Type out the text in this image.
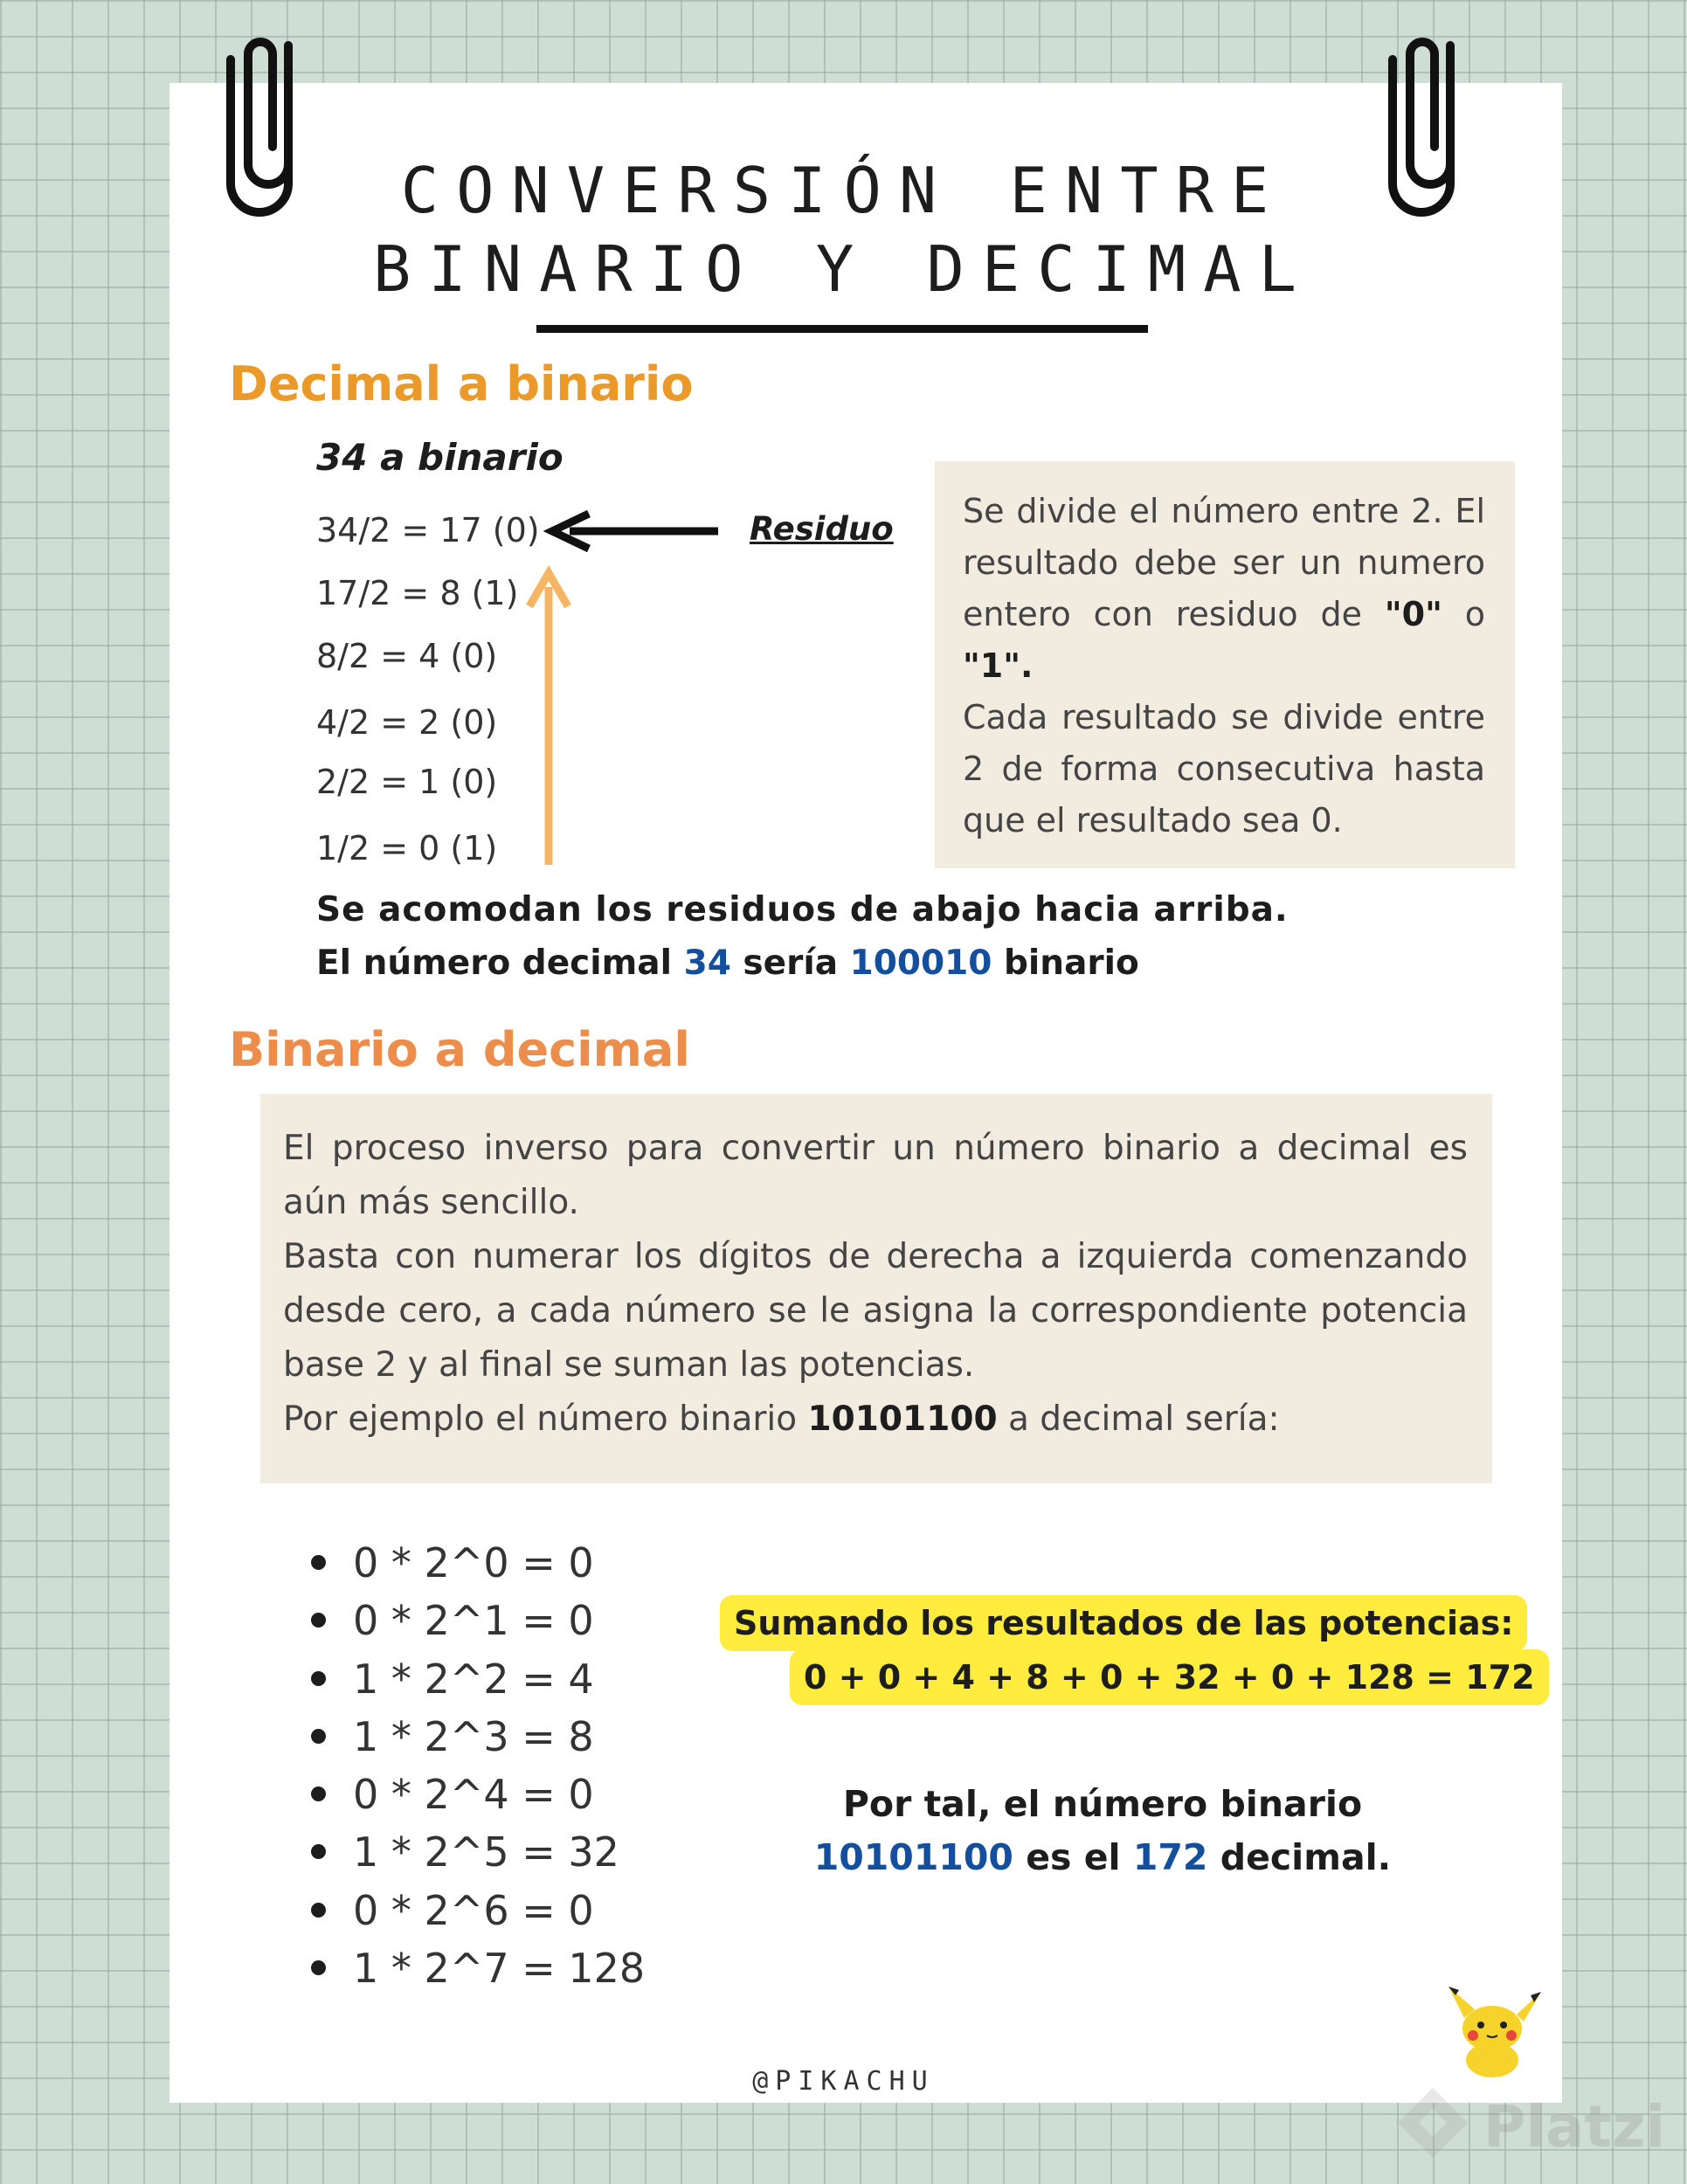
CONVERSIÓN ENTRE
BINARIO Y DECIMAL
Decimal a binario
34 a binario
34/2 = 17 (0)
17/2 = 8 (1)
8/2 = 4 (0)
4/2 = 2 (0)
2/2 = 1 (0)
1/2 = 0 (1)
Residuo Se divide el número entre 2. El resultado debe ser un numero entero con residuo de "0" o "1".
Cada resultado se divide entre 2 de forma consecutiva hasta que el resultado sea 0.
Se acomodan los residuos de abajo hacia arriba.
El número decimal 34 sería 100010 binario
Binario a decimal
El proceso inverso para convertir un número binario a decimal es aún más sencillo.
Basta con numerar los dígitos de derecha a izquierda comenzando desde cero, a cada número se le asigna la correspondiente potencia base 2 y al final se suman las potencias.
Por ejemplo el número binario 10101100 a decimal sería:
0 * 2^0 = 0
0 * 2^1 = 0
1 * 2^2 = 4
1 * 2^3 = 8
0 * 2^4 = 0
1 * 2^5 = 32
0 * 2^6 = 0
1 * 2^7 = 128
Sumando los resultados de las potencias:
0 + 0 + 4 + 8 + 0 + 32 + 0 + 128 = 172
Por tal, el número binario
10101100 es el 172 decimal.
@PIKACHU
Platzi
